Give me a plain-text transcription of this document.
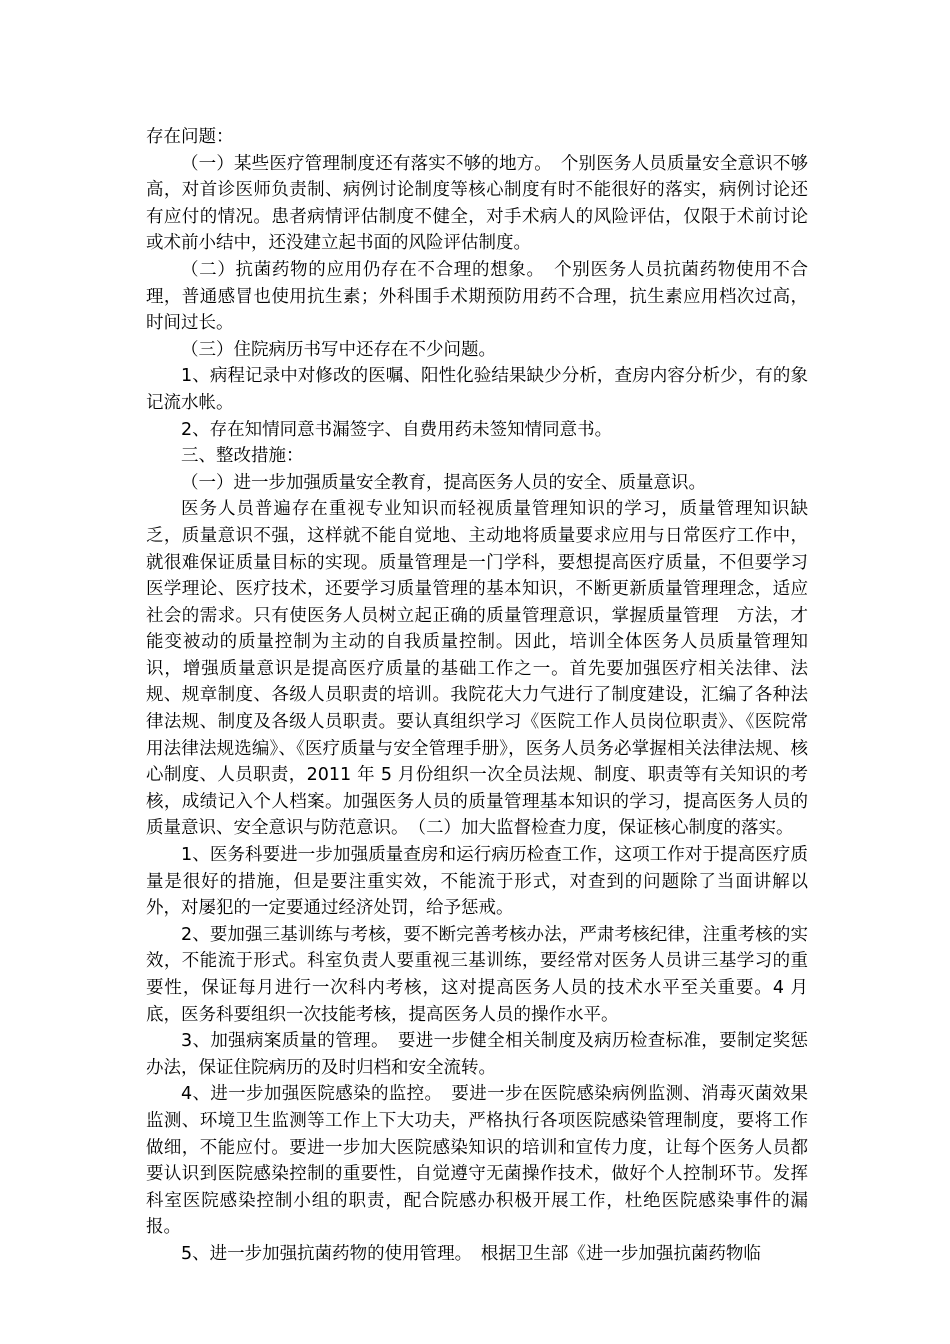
存在问题：

（一）某些医疗管理制度还有落实不够的地方。　个别医务人员质量安全意识不够高，对首诊医师负责制、病例讨论制度等核心制度有时不能很好的落实，病例讨论还有应付的情况。患者病情评估制度不健全，对手术病人的风险评估，仅限于术前讨论或术前小结中，还没建立起书面的风险评估制度。

（二）抗菌药物的应用仍存在不合理的想象。　个别医务人员抗菌药物使用不合理，普通感冒也使用抗生素；外科围手术期预防用药不合理，抗生素应用档次过高，时间过长。

（三）住院病历书写中还存在不少问题。

1、病程记录中对修改的医嘱、阳性化验结果缺少分析，查房内容分析少，有的象记流水帐。

2、存在知情同意书漏签字、自费用药未签知情同意书。

三、整改措施：

（一）进一步加强质量安全教育，提高医务人员的安全、质量意识。

医务人员普遍存在重视专业知识而轻视质量管理知识的学习，质量管理知识缺乏，质量意识不强，这样就不能自觉地、主动地将质量要求应用与日常医疗工作中，就很难保证质量目标的实现。质量管理是一门学科，要想提高医疗质量，不但要学习医学理论、医疗技术，还要学习质量管理的基本知识，不断更新质量管理理念，适应社会的需求。只有使医务人员树立起正确的质量管理意识，掌握质量管理　方法，才能变被动的质量控制为主动的自我质量控制。因此，培训全体医务人员质量管理知识，增强质量意识是提高医疗质量的基础工作之一。首先要加强医疗相关法律、法规、规章制度、各级人员职责的培训。我院花大力气进行了制度建设，汇编了各种法律法规、制度及各级人员职责。要认真组织学习《医院工作人员岗位职责》、《医院常用法律法规选编》、《医疗质量与安全管理手册》，医务人员务必掌握相关法律法规、核心制度、人员职责，2011 年 5 月份组织一次全员法规、制度、职责等有关知识的考核，成绩记入个人档案。加强医务人员的质量管理基本知识的学习，提高医务人员的质量意识、安全意识与防范意识。　（二）加大监督检查力度，保证核心制度的落实。

1、医务科要进一步加强质量查房和运行病历检查工作，这项工作对于提高医疗质量是很好的措施，但是要注重实效，不能流于形式，对查到的问题除了当面讲解以外，对屡犯的一定要通过经济处罚，给予惩戒。

2、要加强三基训练与考核，要不断完善考核办法，严肃考核纪律，注重考核的实效，不能流于形式。科室负责人要重视三基训练，要经常对医务人员讲三基学习的重要性，保证每月进行一次科内考核，这对提高医务人员的技术水平至关重要。4 月底，医务科要组织一次技能考核，提高医务人员的操作水平。

3、加强病案质量的管理。　要进一步健全相关制度及病历检查标准，要制定奖惩办法，保证住院病历的及时归档和安全流转。

4、进一步加强医院感染的监控。　要进一步在医院感染病例监测、消毒灭菌效果监测、环境卫生监测等工作上下大功夫，严格执行各项医院感染管理制度，要将工作做细，不能应付。要进一步加大医院感染知识的培训和宣传力度，让每个医务人员都要认识到医院感染控制的重要性，自觉遵守无菌操作技术，做好个人控制环节。发挥科室医院感染控制小组的职责，配合院感办积极开展工作，杜绝医院感染事件的漏报。

5、进一步加强抗菌药物的使用管理。　根据卫生部《进一步加强抗菌药物临
